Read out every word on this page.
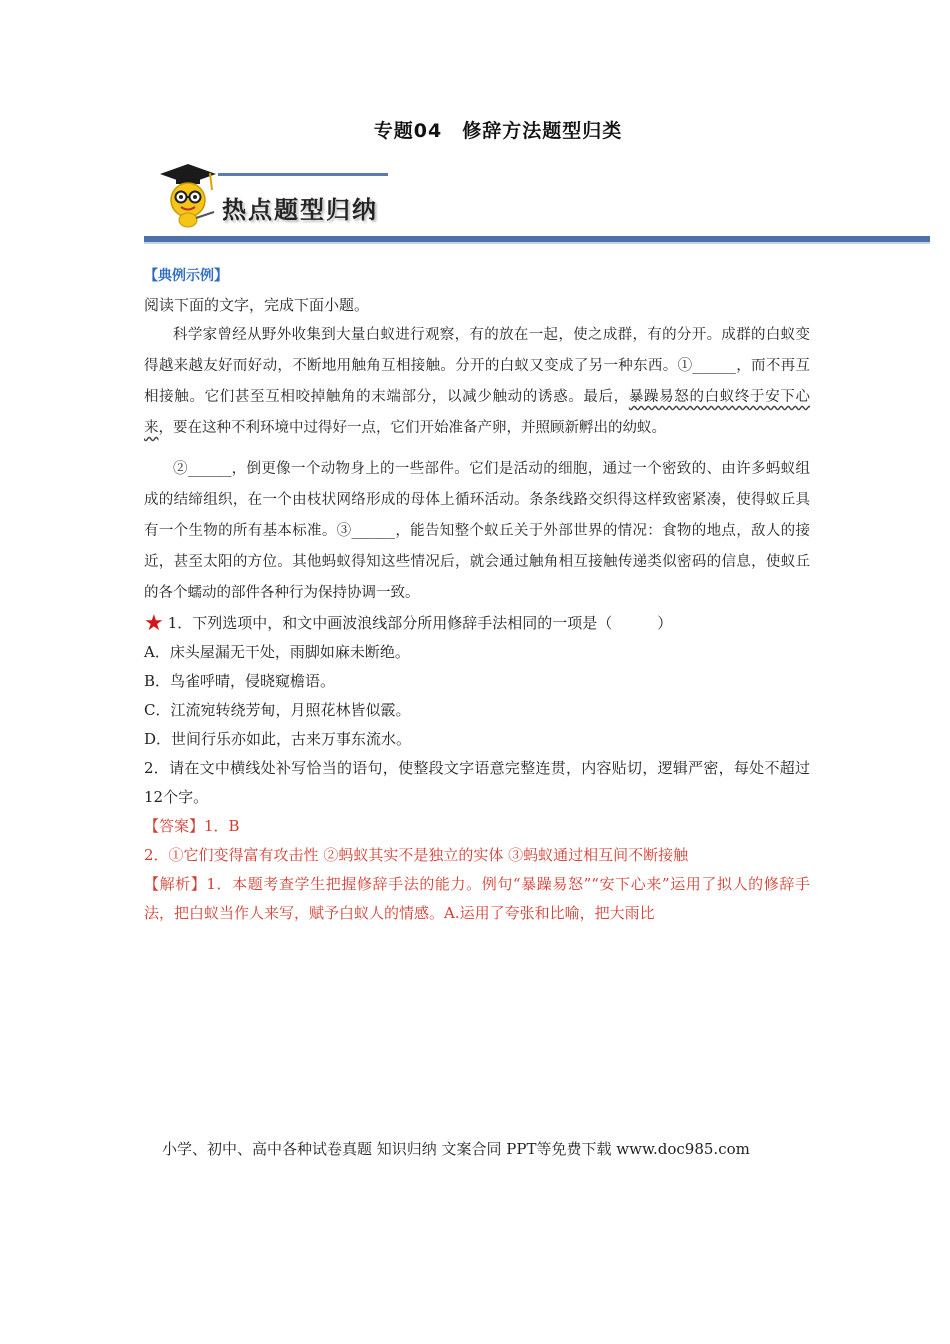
专题04　修辞方法题型归类
热点题型归纳

【典例示例】

阅读下面的文字，完成下面小题。

科学家曾经从野外收集到大量白蚁进行观察，有的放在一起，使之成群，有的分开。成群的白蚁变得越来越友好而好动，不断地用触角互相接触。分开的白蚁又变成了另一种东西。①______，而不再互相接触。它们甚至互相咬掉触角的末端部分，以减少触动的诱惑。最后，暴躁易怒的白蚁终于安下心来，要在这种不利环境中过得好一点，它们开始准备产卵，并照顾新孵出的幼蚁。

②______，倒更像一个动物身上的一些部件。它们是活动的细胞，通过一个密致的、由许多蚂蚁组成的结缔组织，在一个由枝状网络形成的母体上循环活动。条条线路交织得这样致密紧凑，使得蚁丘具有一个生物的所有基本标准。③______，能告知整个蚁丘关于外部世界的情况：食物的地点，敌人的接近，甚至太阳的方位。其他蚂蚁得知这些情况后，就会通过触角相互接触传递类似密码的信息，使蚁丘的各个蠕动的部件各种行为保持协调一致。

★ 1．下列选项中，和文中画波浪线部分所用修辞手法相同的一项是（　　　）

A．床头屋漏无干处，雨脚如麻未断绝。

B．鸟雀呼晴，侵晓窥檐语。

C．江流宛转绕芳甸，月照花林皆似霰。

D．世间行乐亦如此，古来万事东流水。

2．请在文中横线处补写恰当的语句，使整段文字语意完整连贯，内容贴切，逻辑严密，每处不超过12个字。

【答案】1．B

2．①它们变得富有攻击性 ②蚂蚁其实不是独立的实体 ③蚂蚁通过相互间不断接触

【解析】1．本题考查学生把握修辞手法的能力。例句“暴躁易怒”“安下心来”运用了拟人的修辞手法，把白蚁当作人来写，赋予白蚁人的情感。A.运用了夸张和比喻，把大雨比

小学、初中、高中各种试卷真题 知识归纳 文案合同 PPT等免费下载 www.doc985.com
